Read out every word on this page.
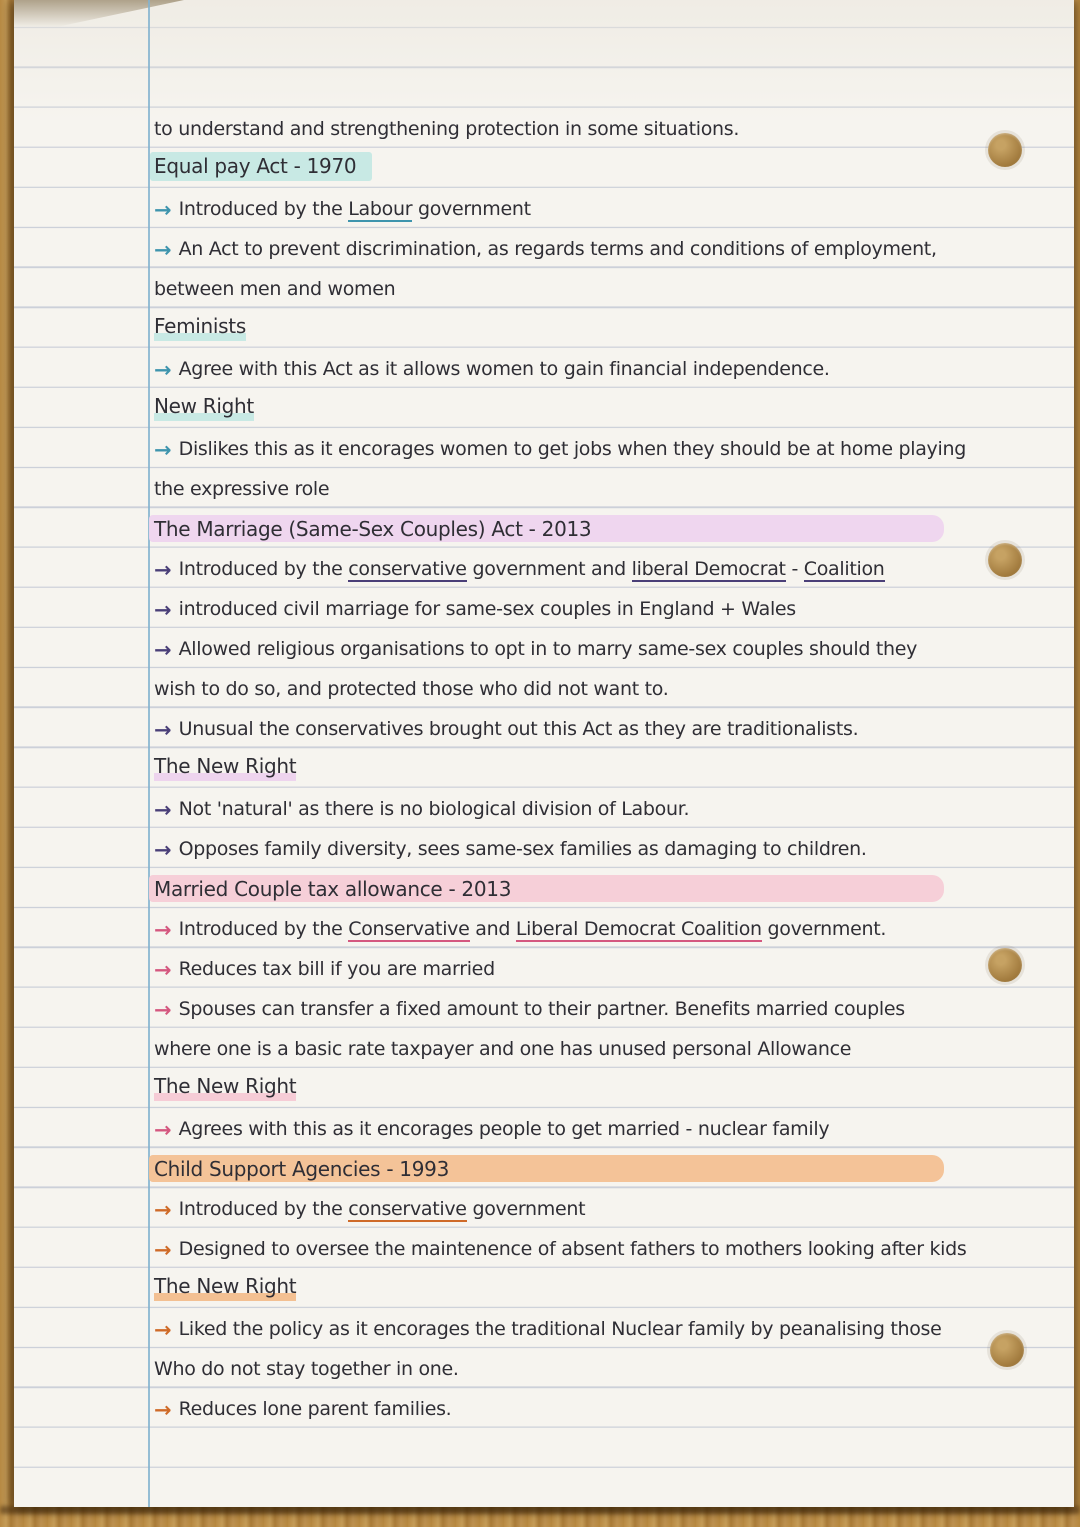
to understand and strengthening protection in some situations.
Equal pay Act - 1970
→ Introduced by the Labour government
→ An Act to prevent discrimination, as regards terms and conditions of employment,
between men and women
Feminists
→ Agree with this Act as it allows women to gain financial independence.
New Right
→ Dislikes this as it encorages women to get jobs when they should be at home playing
the expressive role
The Marriage (Same-Sex Couples) Act - 2013
→ Introduced by the conservative government and liberal Democrat - Coalition
→ introduced civil marriage for same-sex couples in England + Wales
→ Allowed religious organisations to opt in to marry same-sex couples should they
wish to do so, and protected those who did not want to.
→ Unusual the conservatives brought out this Act as they are traditionalists.
The New Right
→ Not 'natural' as there is no biological division of Labour.
→ Opposes family diversity, sees same-sex families as damaging to children.
Married Couple tax allowance - 2013
→ Introduced by the Conservative and Liberal Democrat Coalition government.
→ Reduces tax bill if you are married
→ Spouses can transfer a fixed amount to their partner. Benefits married couples
where one is a basic rate taxpayer and one has unused personal Allowance
The New Right
→ Agrees with this as it encorages people to get married - nuclear family
Child Support Agencies - 1993
→ Introduced by the conservative government
→ Designed to oversee the maintenence of absent fathers to mothers looking after kids
The New Right
→ Liked the policy as it encorages the traditional Nuclear family by peanalising those
Who do not stay together in one.
→ Reduces lone parent families.
